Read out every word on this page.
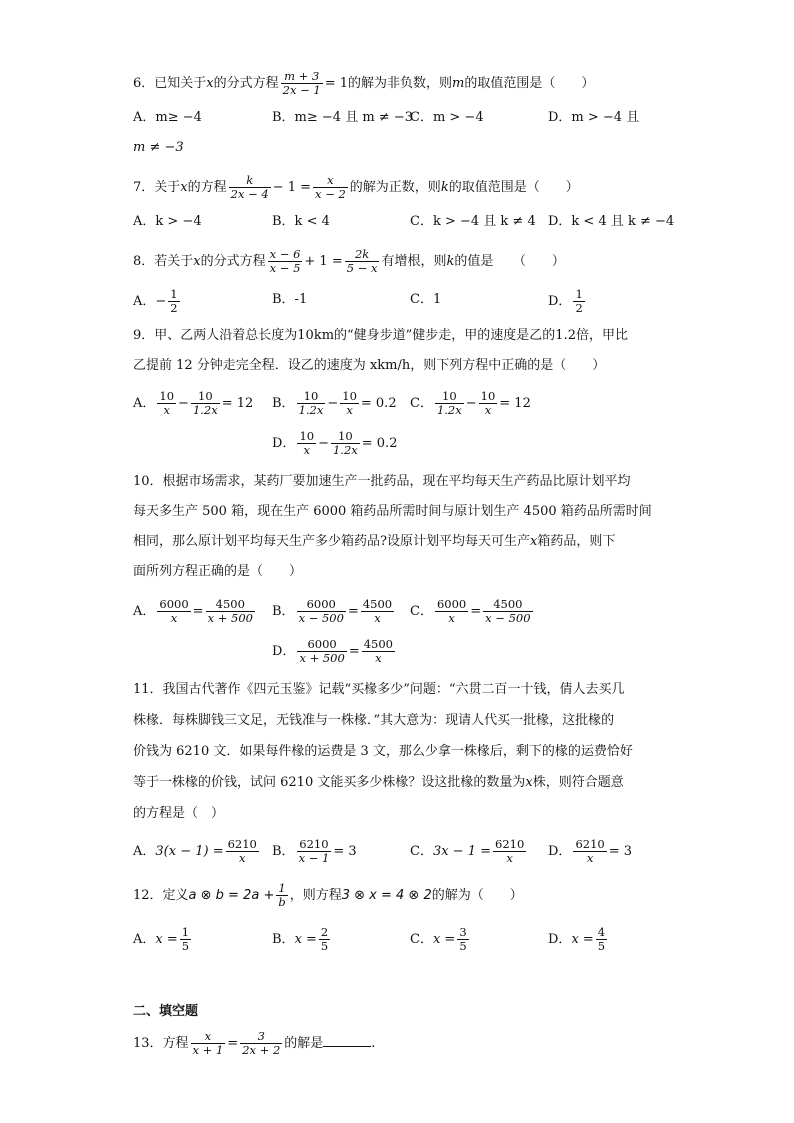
6．已知关于x的分式方程 $\frac{m + 3}{2x - 1} = 1$的解为非负数，则m的取值范围是（　　）
A．m≥ −4	B．m≥ −4 且 m ≠ −3
C．m > −4	D．m > −4 且
m ≠ −3
7．关于x的方程 $\frac{k}{2x - 4} - 1 = \frac{x}{x - 2}$ 的解为正数，则k的取值范围是（　　）
A．k > −4	B．k < 4	C．k > −4 且 k ≠ 4 D．k < 4 且 k ≠ −4
8．若关于x的分式方程 $\frac{x - 6}{x - 5} + 1 = \frac{2k}{5 - x}$ 有增根，则k的值是　　（　　）
A．− $\frac{1}{2}$	B．-1	C．1	D． $\frac{1}{2}$
9．甲、乙两人沿着总长度为10km的“健身步道”健步走，甲的速度是乙的1.2倍，甲比
乙提前 12 分钟走完全程．设乙的速度为 xkm/h，则下列方程中正确的是（　　）
A． $\frac{10}{x} - \frac{10}{1.2x} = 12$ B． $\frac{10}{1.2x} - \frac{10}{x} = 0.2$ C． $\frac{10}{1.2x} - \frac{10}{x} = 12$
D． $\frac{10}{x} - \frac{10}{1.2x} = 0.2$
10．根据市场需求，某药厂要加速生产一批药品，现在平均每天生产药品比原计划平均
每天多生产 500 箱，现在生产 6000 箱药品所需时间与原计划生产 4500 箱药品所需时间
相同，那么原计划平均每天生产多少箱药品?设原计划平均每天可生产x箱药品，则下
面所列方程正确的是（　　）
A． $\frac{6000}{x} = \frac{4500}{x + 500}$ B． $\frac{6000}{x - 500} = \frac{4500}{x}$ C． $\frac{6000}{x} = \frac{4500}{x - 500}$
D． $\frac{6000}{x + 500} = \frac{4500}{x}$
11．我国古代著作《四元玉鉴》记载“买椽多少”问题：“六贯二百一十钱，倩人去买几
株椽．每株脚钱三文足，无钱准与一株椽．”其大意为：现请人代买一批椽，这批椽的
价钱为 6210 文．如果每件椽的运费是 3 文，那么少拿一株椽后，剩下的椽的运费恰好
等于一株椽的价钱，试问 6210 文能买多少株椽？设这批椽的数量为x株，则符合题意
的方程是（　）
A．$3(x - 1) = \frac{6210}{x}$ B． $\frac{6210}{x - 1} = 3$	C．$3x - 1 = \frac{6210}{x}$ D． $\frac{6210}{x} = 3$
12．定义a ⊗ $b = 2a + \frac{1}{b}$ ，则方程3 ⊗ x = 4 ⊗ 2的解为（　　）
A．$x = \frac{1}{5}$	B．$x = \frac{2}{5}$	C．$x = \frac{3}{5}$	D．$x = \frac{4}{5}$
二、填空题
13．方程 $\frac{x}{x + 1} = \frac{3}{2x + 2}$ 的解是	.
